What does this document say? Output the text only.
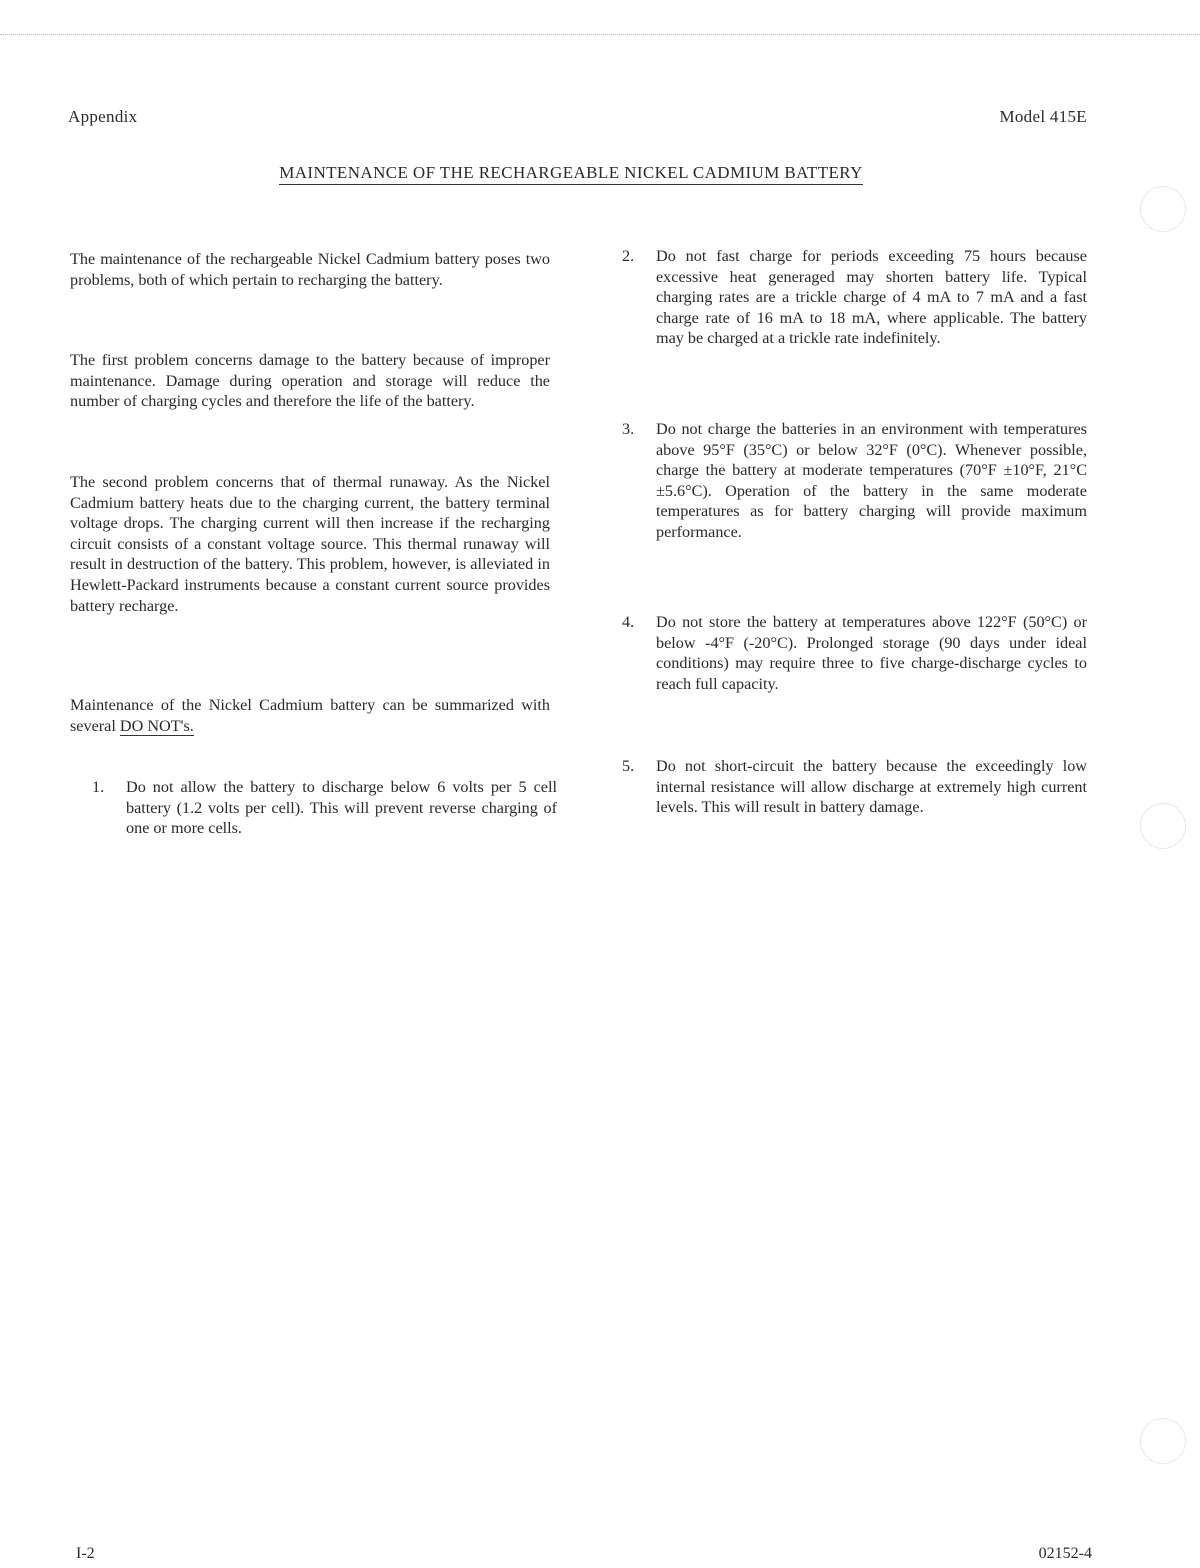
Appendix	Model 415E
MAINTENANCE OF THE RECHARGEABLE NICKEL CADMIUM BATTERY

The maintenance of the rechargeable Nickel Cadmium battery poses two problems, both of which pertain to recharging the battery.

The first problem concerns damage to the battery because of improper maintenance. Damage during operation and storage will reduce the number of charging cycles and therefore the life of the battery.

The second problem concerns that of thermal runaway. As the Nickel Cadmium battery heats due to the charging current, the battery terminal voltage drops. The charging current will then increase if the recharging circuit consists of a constant voltage source. This thermal runaway will result in destruction of the battery. This problem, however, is alleviated in Hewlett-Packard instruments because a constant current source provides battery recharge.

Maintenance of the Nickel Cadmium battery can be summarized with several DO NOT's.

1.	Do not allow the battery to discharge below 6 volts per 5 cell battery (1.2 volts per cell). This will prevent reverse charging of one or more cells.
2.	Do not fast charge for periods exceeding 75 hours because excessive heat generaged may shorten battery life. Typical charging rates are a trickle charge of 4 mA to 7 mA and a fast charge rate of 16 mA to 18 mA, where applicable. The battery may be charged at a trickle rate indefinitely.
3.	Do not charge the batteries in an environment with temperatures above 95°F (35°C) or below 32°F (0°C). Whenever possible, charge the battery at moderate temperatures (70°F ±10°F, 21°C ±5.6°C). Operation of the battery in the same moderate temperatures as for battery charging will provide maximum performance.
4.	Do not store the battery at temperatures above 122°F (50°C) or below -4°F (-20°C). Prolonged storage (90 days under ideal conditions) may require three to five charge-discharge cycles to reach full capacity.
5.	Do not short-circuit the battery because the exceedingly low internal resistance will allow discharge at extremely high current levels. This will result in battery damage.
I-2	02152-4
